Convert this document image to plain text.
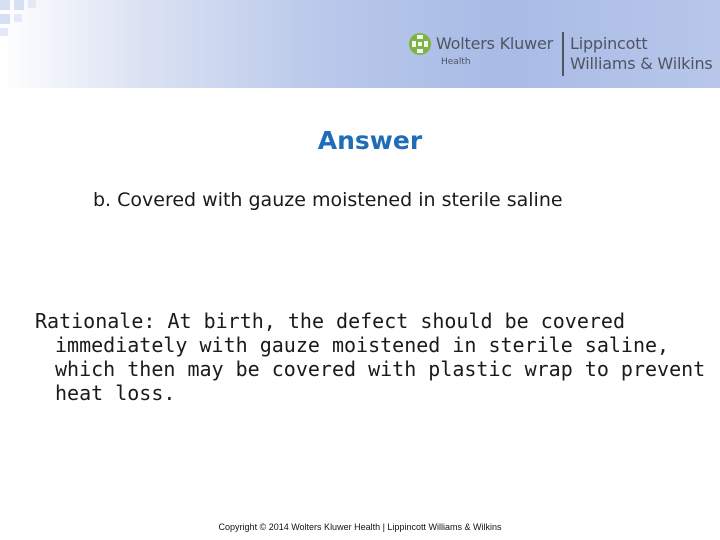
Wolters Kluwer
Health
Lippincott
Williams & Wilkins
Answer
b. Covered with gauze moistened in sterile saline
Rationale: At birth, the defect should be covered immediately with gauze moistened in sterile saline, which then may be covered with plastic wrap to prevent heat loss.
Copyright © 2014 Wolters Kluwer Health | Lippincott Williams & Wilkins
